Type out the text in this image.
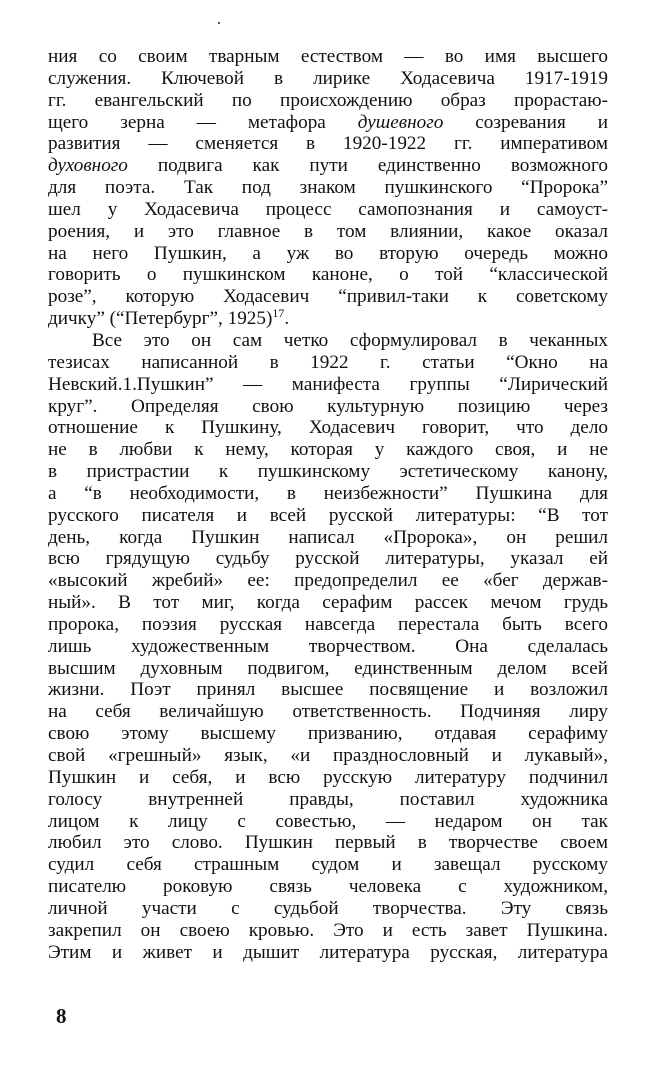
ния со своим тварным естеством — во имя высшего
служения. Ключевой в лирике Ходасевича 1917-1919
гг. евангельский по происхождению образ прорастаю-
щего зерна — метафора душевного созревания и
развития — сменяется в 1920-1922 гг. императивом
духовного подвига как пути единственно возможного
для поэта. Так под знаком пушкинского “Пророка”
шел у Ходасевича процесс самопознания и самоуст-
роения, и это главное в том влиянии, какое оказал
на него Пушкин, а уж во вторую очередь можно
говорить о пушкинском каноне, о той “классической
розе”, которую Ходасевич “привил-таки к советскому
дичку” (“Петербург”, 1925)$^{17}$.
Все это он сам четко сформулировал в чеканных
тезисах написанной в 1922 г. статьи “Окно на
Невский.1.Пушкин” — манифеста группы “Лирический
круг”. Определяя свою культурную позицию через
отношение к Пушкину, Ходасевич говорит, что дело
не в любви к нему, которая у каждого своя, и не
в пристрастии к пушкинскому эстетическому канону,
а “в необходимости, в неизбежности” Пушкина для
русского писателя и всей русской литературы: “В тот
день, когда Пушкин написал «Пророка», он решил
всю грядущую судьбу русской литературы, указал ей
«высокий жребий» ее: предопределил ее «бег держав-
ный». В тот миг, когда серафим рассек мечом грудь
пророка, поэзия русская навсегда перестала быть всего
лишь художественным творчеством. Она сделалась
высшим духовным подвигом, единственным делом всей
жизни. Поэт принял высшее посвящение и возложил
на себя величайшую ответственность. Подчиняя лиру
свою этому высшему призванию, отдавая серафиму
свой «грешный» язык, «и празднословный и лукавый»,
Пушкин и себя, и всю русскую литературу подчинил
голосу внутренней правды, поставил художника
лицом к лицу с совестью, — недаром он так
любил это слово. Пушкин первый в творчестве своем
судил себя страшным судом и завещал русскому
писателю роковую связь человека с художником,
личной участи с судьбой творчества. Эту связь
закрепил он своею кровью. Это и есть завет Пушкина.
Этим и живет и дышит литература русская, литература
8
